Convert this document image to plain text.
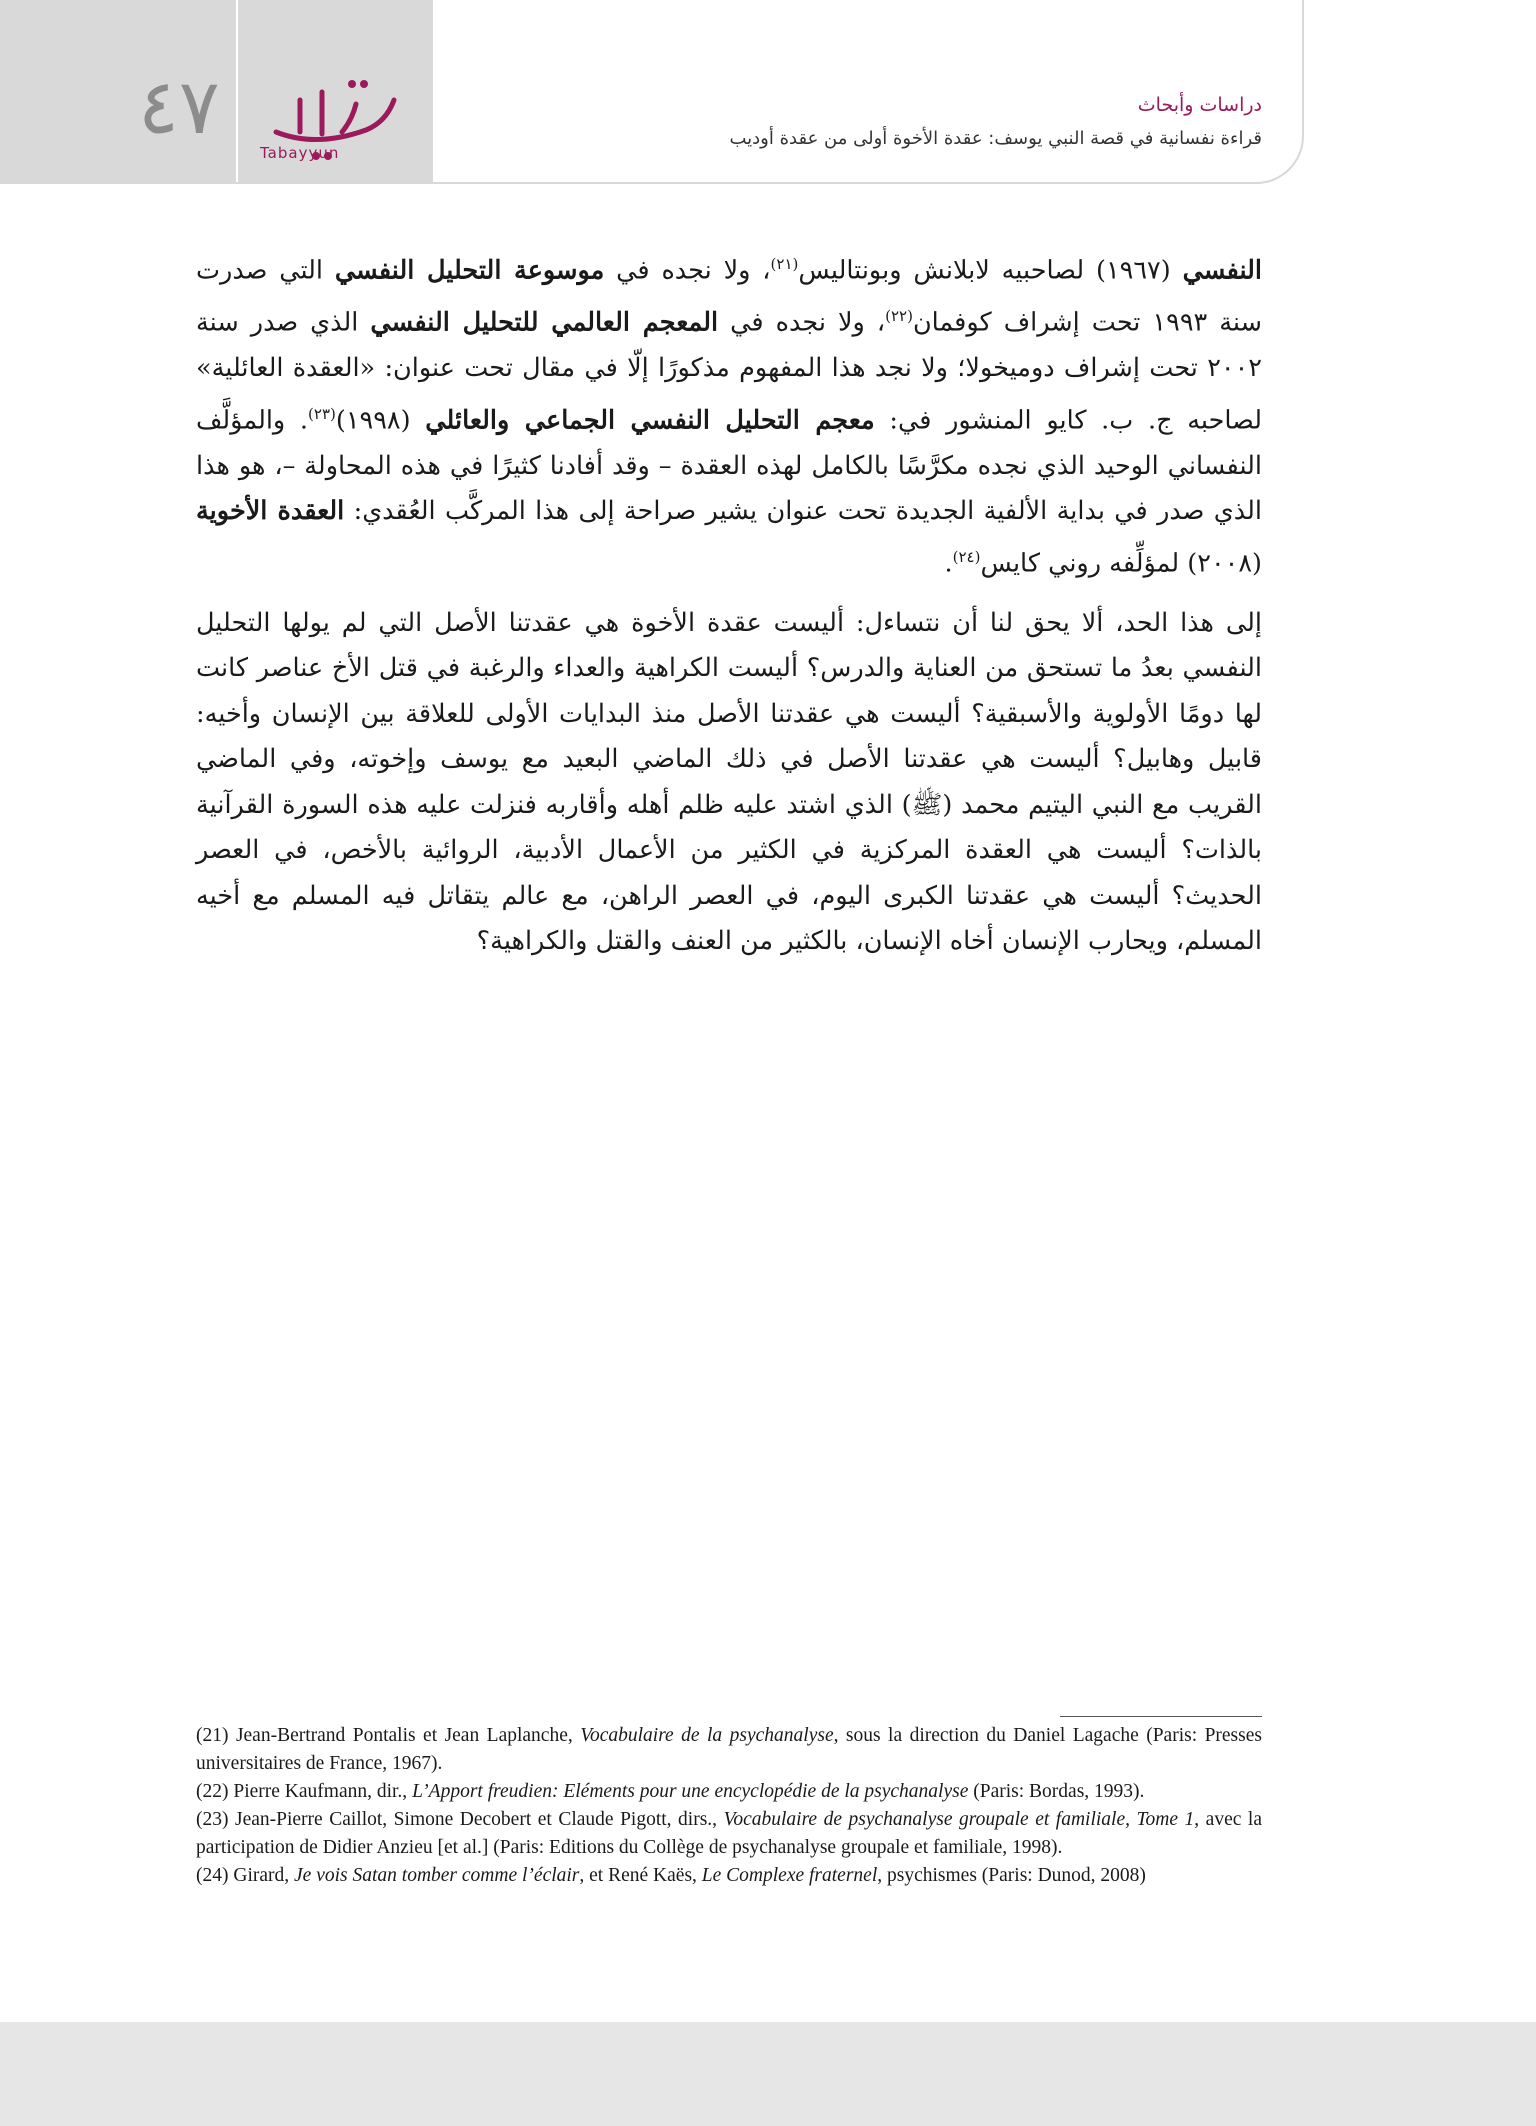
٤٧
Tabayyun
دراسات وأبحاث
قراءة نفسانية في قصة النبي يوسف: عقدة الأخوة أولى من عقدة أوديب

النفسي (١٩٦٧) لصاحبيه لابلانش وبونتاليس$^{(٢١)}$، ولا نجده في موسوعة التحليل النفسي التي صدرت سنة ١٩٩٣ تحت إشراف كوفمان$^{(٢٢)}$، ولا نجده في المعجم العالمي للتحليل النفسي الذي صدر سنة ٢٠٠٢ تحت إشراف دوميخولا؛ ولا نجد هذا المفهوم مذكورًا إلّا في مقال تحت عنوان: «العقدة العائلية» لصاحبه ج. ب. كايو المنشور في: معجم التحليل النفسي الجماعي والعائلي (١٩٩٨)$^{(٢٣)}$. والمؤلَّف النفساني الوحيد الذي نجده مكرَّسًا بالكامل لهذه العقدة – وقد أفادنا كثيرًا في هذه المحاولة –، هو هذا الذي صدر في بداية الألفية الجديدة تحت عنوان يشير صراحة إلى هذا المركَّب العُقدي: العقدة الأخوية (٢٠٠٨) لمؤلِّفه روني كايس$^{(٢٤)}$.

إلى هذا الحد، ألا يحق لنا أن نتساءل: أليست عقدة الأخوة هي عقدتنا الأصل التي لم يولها التحليل النفسي بعدُ ما تستحق من العناية والدرس؟ أليست الكراهية والعداء والرغبة في قتل الأخ عناصر كانت لها دومًا الأولوية والأسبقية؟ أليست هي عقدتنا الأصل منذ البدايات الأولى للعلاقة بين الإنسان وأخيه: قابيل وهابيل؟ أليست هي عقدتنا الأصل في ذلك الماضي البعيد مع يوسف وإخوته، وفي الماضي القريب مع النبي اليتيم محمد (ﷺ) الذي اشتد عليه ظلم أهله وأقاربه فنزلت عليه هذه السورة القرآنية بالذات؟ أليست هي العقدة المركزية في الكثير من الأعمال الأدبية، الروائية بالأخص، في العصر الحديث؟ أليست هي عقدتنا الكبرى اليوم، في العصر الراهن، مع عالم يتقاتل فيه المسلم مع أخيه المسلم، ويحارب الإنسان أخاه الإنسان، بالكثير من العنف والقتل والكراهية؟

(21) Jean-Bertrand Pontalis et Jean Laplanche, Vocabulaire de la psychanalyse, sous la direction du Daniel Lagache (Paris: Presses universitaires de France, 1967).
(22) Pierre Kaufmann, dir., L’Apport freudien: Eléments pour une encyclopédie de la psychanalyse (Paris: Bordas, 1993).
(23) Jean-Pierre Caillot, Simone Decobert et Claude Pigott, dirs., Vocabulaire de psychanalyse groupale et familiale, Tome 1, avec la participation de Didier Anzieu [et al.] (Paris: Editions du Collège de psychanalyse groupale et familiale, 1998).
(24) Girard, Je vois Satan tomber comme l’éclair, et René Kaës, Le Complexe fraternel, psychismes (Paris: Dunod, 2008)
